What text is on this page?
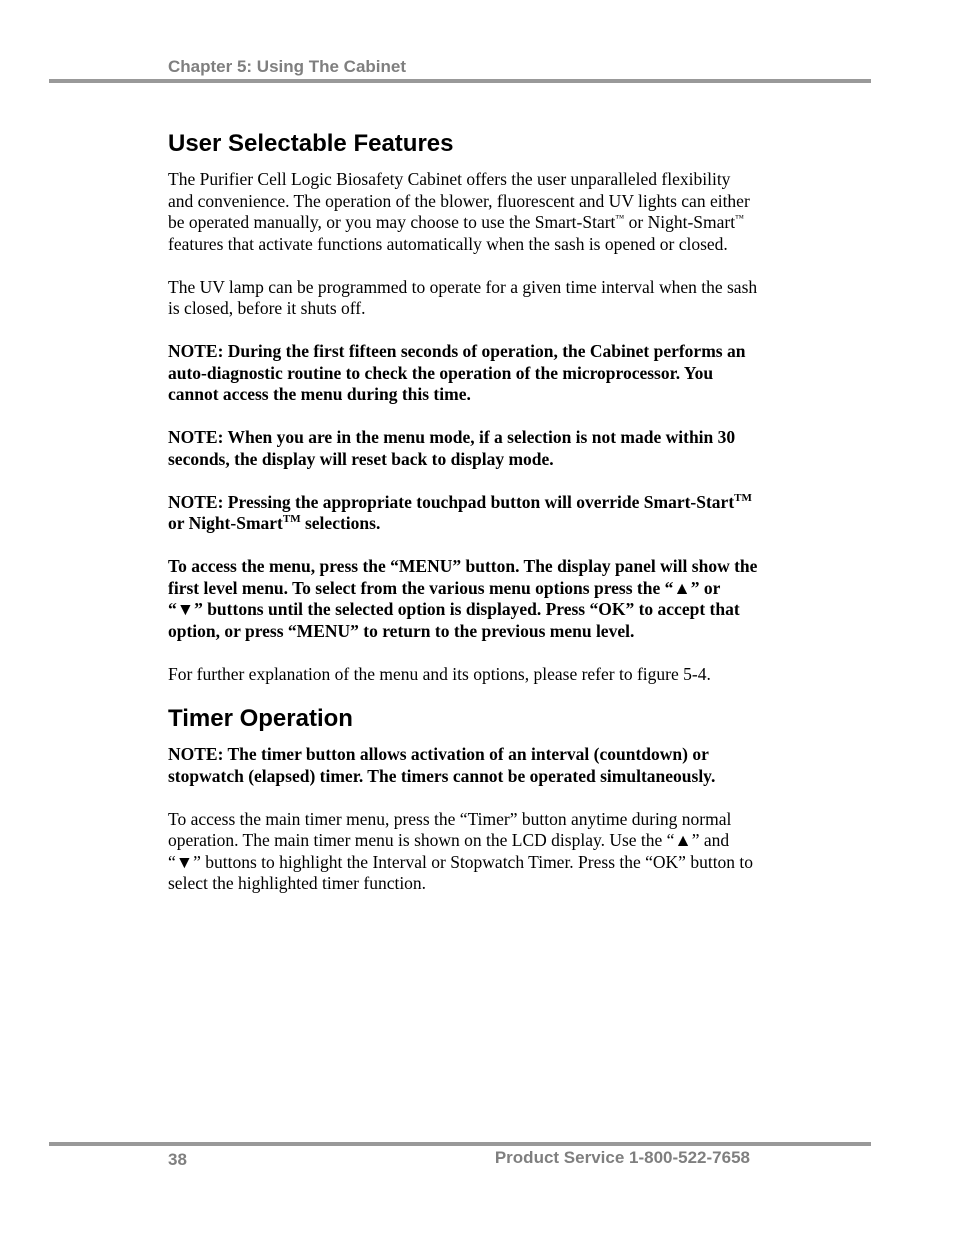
Chapter 5: Using The Cabinet
User Selectable Features

The Purifier Cell Logic Biosafety Cabinet offers the user unparalleled flexibility and convenience. The operation of the blower, fluorescent and UV lights can either be operated manually, or you may choose to use the Smart-Start™ or Night-Smart™ features that activate functions automatically when the sash is opened or closed.

The UV lamp can be programmed to operate for a given time interval when the sash is closed, before it shuts off.

NOTE: During the first fifteen seconds of operation, the Cabinet performs an auto-diagnostic routine to check the operation of the microprocessor. You cannot access the menu during this time.

NOTE: When you are in the menu mode, if a selection is not made within 30 seconds, the display will reset back to display mode.

NOTE: Pressing the appropriate touchpad button will override Smart-Start™ or Night-Smart™ selections.

To access the menu, press the “MENU” button. The display panel will show the first level menu. To select from the various menu options press the “▲” or “▼” buttons until the selected option is displayed. Press “OK” to accept that option, or press “MENU” to return to the previous menu level.

For further explanation of the menu and its options, please refer to figure 5-4.

Timer Operation

NOTE: The timer button allows activation of an interval (countdown) or stopwatch (elapsed) timer. The timers cannot be operated simultaneously.

To access the main timer menu, press the “Timer” button anytime during normal operation. The main timer menu is shown on the LCD display. Use the “▲” and “▼” buttons to highlight the Interval or Stopwatch Timer. Press the “OK” button to select the highlighted timer function.

38	Product Service 1-800-522-7658
